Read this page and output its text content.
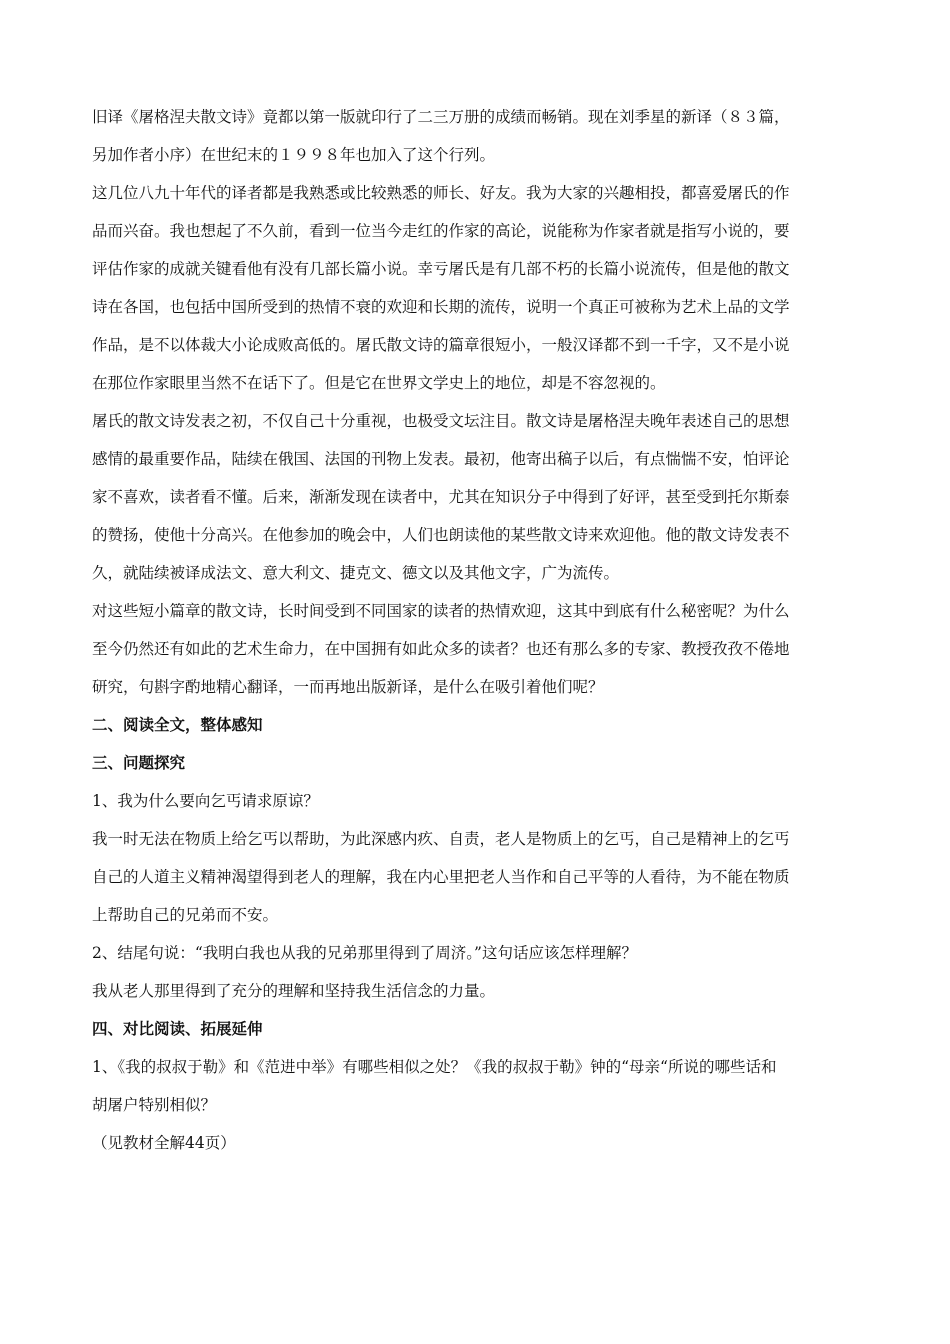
旧译《屠格涅夫散文诗》竟都以第一版就印行了二三万册的成绩而畅销。现在刘季星的新译（８３篇，
另加作者小序）在世纪末的１９９８年也加入了这个行列。
这几位八九十年代的译者都是我熟悉或比较熟悉的师长、好友。我为大家的兴趣相投，都喜爱屠氏的作
品而兴奋。我也想起了不久前，看到一位当今走红的作家的高论，说能称为作家者就是指写小说的，要
评估作家的成就关键看他有没有几部长篇小说。幸亏屠氏是有几部不朽的长篇小说流传，但是他的散文
诗在各国，也包括中国所受到的热情不衰的欢迎和长期的流传，说明一个真正可被称为艺术上品的文学
作品，是不以体裁大小论成败高低的。屠氏散文诗的篇章很短小，一般汉译都不到一千字，又不是小说
在那位作家眼里当然不在话下了。但是它在世界文学史上的地位，却是不容忽视的。
屠氏的散文诗发表之初，不仅自己十分重视，也极受文坛注目。散文诗是屠格涅夫晚年表述自己的思想
感情的最重要作品，陆续在俄国、法国的刊物上发表。最初，他寄出稿子以后，有点惴惴不安，怕评论
家不喜欢，读者看不懂。后来，渐渐发现在读者中，尤其在知识分子中得到了好评，甚至受到托尔斯泰
的赞扬，使他十分高兴。在他参加的晚会中，人们也朗读他的某些散文诗来欢迎他。他的散文诗发表不
久，就陆续被译成法文、意大利文、捷克文、德文以及其他文字，广为流传。
对这些短小篇章的散文诗，长时间受到不同国家的读者的热情欢迎，这其中到底有什么秘密呢？为什么
至今仍然还有如此的艺术生命力，在中国拥有如此众多的读者？也还有那么多的专家、教授孜孜不倦地
研究，句斟字酌地精心翻译，一而再地出版新译，是什么在吸引着他们呢？
二、阅读全文，整体感知
三、问题探究
1、我为什么要向乞丐请求原谅？
我一时无法在物质上给乞丐以帮助，为此深感内疚、自责，老人是物质上的乞丐，自己是精神上的乞丐
自己的人道主义精神渴望得到老人的理解，我在内心里把老人当作和自己平等的人看待，为不能在物质
上帮助自己的兄弟而不安。
2、结尾句说：“我明白我也从我的兄弟那里得到了周济。”这句话应该怎样理解？
我从老人那里得到了充分的理解和坚持我生活信念的力量。
四、对比阅读、拓展延伸
1、《我的叔叔于勒》和《范进中举》有哪些相似之处？《我的叔叔于勒》钟的“母亲“所说的哪些话和
胡屠户特别相似？
（见教材全解44页）
